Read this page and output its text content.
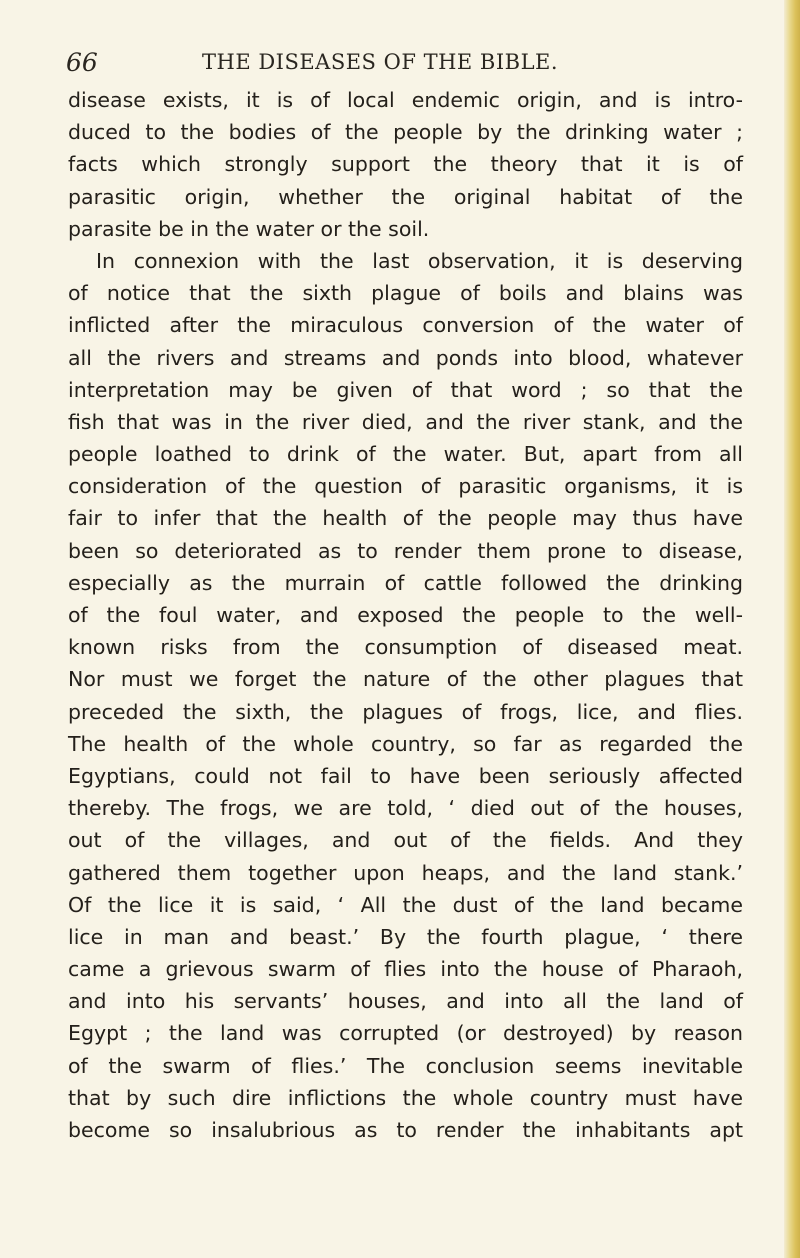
66	THE DISEASES OF THE BIBLE.
disease exists, it is of local endemic origin, and is intro-
duced to the bodies of the people by the drinking water ;
facts which strongly support the theory that it is of
parasitic origin, whether the original habitat of the
parasite be in the water or the soil.
In connexion with the last observation, it is deserving
of notice that the sixth plague of boils and blains was
inflicted after the miraculous conversion of the water of
all the rivers and streams and ponds into blood, whatever
interpretation may be given of that word ; so that the
fish that was in the river died, and the river stank, and the
people loathed to drink of the water. But, apart from all
consideration of the question of parasitic organisms, it is
fair to infer that the health of the people may thus have
been so deteriorated as to render them prone to disease,
especially as the murrain of cattle followed the drinking
of the foul water, and exposed the people to the well-
known risks from the consumption of diseased meat.
Nor must we forget the nature of the other plagues that
preceded the sixth, the plagues of frogs, lice, and flies.
The health of the whole country, so far as regarded the
Egyptians, could not fail to have been seriously affected
thereby. The frogs, we are told, ‘ died out of the houses,
out of the villages, and out of the fields. And they
gathered them together upon heaps, and the land stank.’
Of the lice it is said, ‘ All the dust of the land became
lice in man and beast.’ By the fourth plague, ‘ there
came a grievous swarm of flies into the house of Pharaoh,
and into his servants’ houses, and into all the land of
Egypt ; the land was corrupted (or destroyed) by reason
of the swarm of flies.’ The conclusion seems inevitable
that by such dire inflictions the whole country must have
become so insalubrious as to render the inhabitants apt
